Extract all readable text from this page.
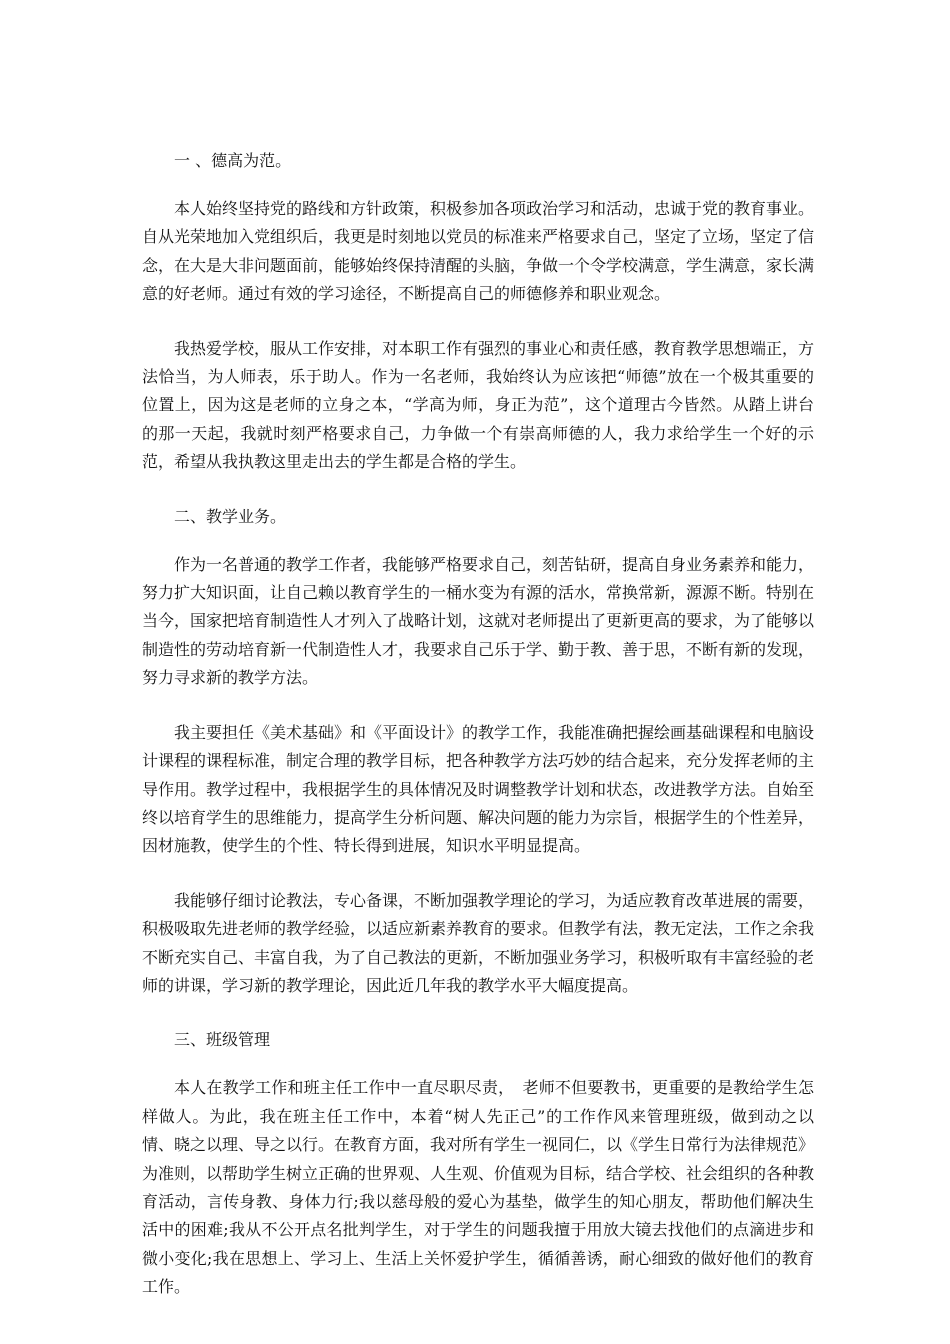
一 、德高为范。

本人始终坚持党的路线和方针政策，积极参加各项政治学习和活动，忠诚于党的教育事业。自从光荣地加入党组织后，我更是时刻地以党员的标准来严格要求自己，坚定了立场，坚定了信念，在大是大非问题面前，能够始终保持清醒的头脑，争做一个令学校满意，学生满意，家长满意的好老师。通过有效的学习途径，不断提高自己的师德修养和职业观念。

我热爱学校，服从工作安排，对本职工作有强烈的事业心和责任感，教育教学思想端正，方法恰当，为人师表，乐于助人。作为一名老师，我始终认为应该把“师德”放在一个极其重要的位置上，因为这是老师的立身之本，“学高为师，身正为范”，这个道理古今皆然。从踏上讲台的那一天起，我就时刻严格要求自己，力争做一个有崇高师德的人，我力求给学生一个好的示范，希望从我执教这里走出去的学生都是合格的学生。

二、教学业务。

作为一名普通的教学工作者，我能够严格要求自己，刻苦钻研，提高自身业务素养和能力，努力扩大知识面，让自己赖以教育学生的一桶水变为有源的活水，常换常新，源源不断。特别在当今，国家把培育制造性人才列入了战略计划，这就对老师提出了更新更高的要求，为了能够以制造性的劳动培育新一代制造性人才，我要求自己乐于学、勤于教、善于思，不断有新的发现，努力寻求新的教学方法。

我主要担任《美术基础》和《平面设计》的教学工作，我能准确把握绘画基础课程和电脑设计课程的课程标准，制定合理的教学目标，把各种教学方法巧妙的结合起来，充分发挥老师的主导作用。教学过程中，我根据学生的具体情况及时调整教学计划和状态，改进教学方法。自始至终以培育学生的思维能力，提高学生分析问题、解决问题的能力为宗旨，根据学生的个性差异，因材施教，使学生的个性、特长得到进展，知识水平明显提高。

我能够仔细讨论教法，专心备课，不断加强教学理论的学习，为适应教育改革进展的需要，积极吸取先进老师的教学经验，以适应新素养教育的要求。但教学有法，教无定法，工作之余我不断充实自己、丰富自我，为了自己教法的更新，不断加强业务学习，积极听取有丰富经验的老师的讲课，学习新的教学理论，因此近几年我的教学水平大幅度提高。

三、班级管理

本人在教学工作和班主任工作中一直尽职尽责，　老师不但要教书，更重要的是教给学生怎样做人。为此，我在班主任工作中，本着“树人先正己”的工作作风来管理班级，做到动之以情、晓之以理、导之以行。在教育方面，我对所有学生一视同仁，以《学生日常行为法律规范》为准则，以帮助学生树立正确的世界观、人生观、价值观为目标，结合学校、社会组织的各种教育活动，言传身教、身体力行;我以慈母般的爱心为基垫，做学生的知心朋友，帮助他们解决生活中的困难;我从不公开点名批判学生，对于学生的问题我擅于用放大镜去找他们的点滴进步和微小变化;我在思想上、学习上、生活上关怀爱护学生，循循善诱，耐心细致的做好他们的教育工作。
